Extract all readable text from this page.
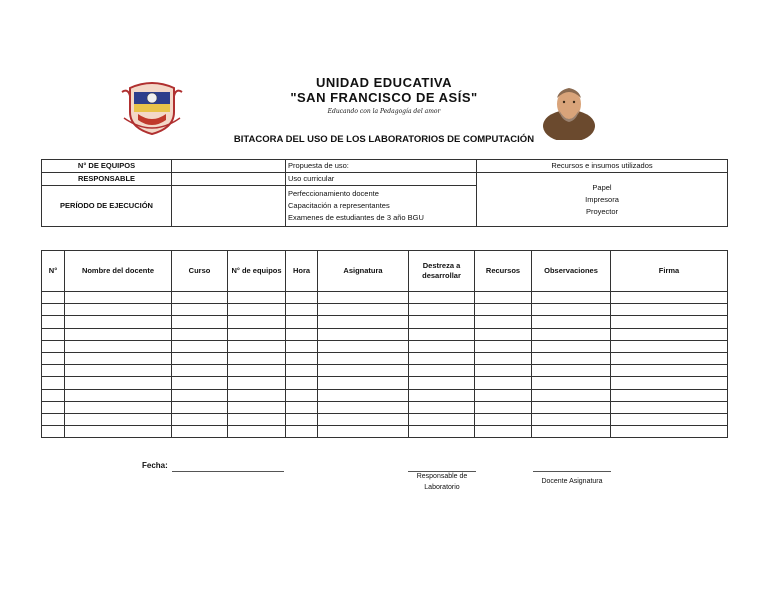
UNIDAD EDUCATIVA
"SAN FRANCISCO DE ASÍS"
Educando con la Pedagogía del amor
BITACORA DEL USO DE LOS LABORATORIOS DE COMPUTACIÓN
N° DE EQUIPOS		Propuesta de uso:	Recursos e insumos utilizados
RESPONSABLE		Uso curricular	Papel
Impresora
Proyector

PERÍODO DE EJECUCIÓN		Perfeccionamiento docente
Capacitación a representantes
Examenes de estudiantes de 3 año BGU	
N°	Nombre del docente	Curso	N° de equipos	Hora	Asignatura	Destreza a desarrollar	Recursos	Observaciones	Firma

Fecha:
Responsable de
Laboratorio
Docente Asignatura
